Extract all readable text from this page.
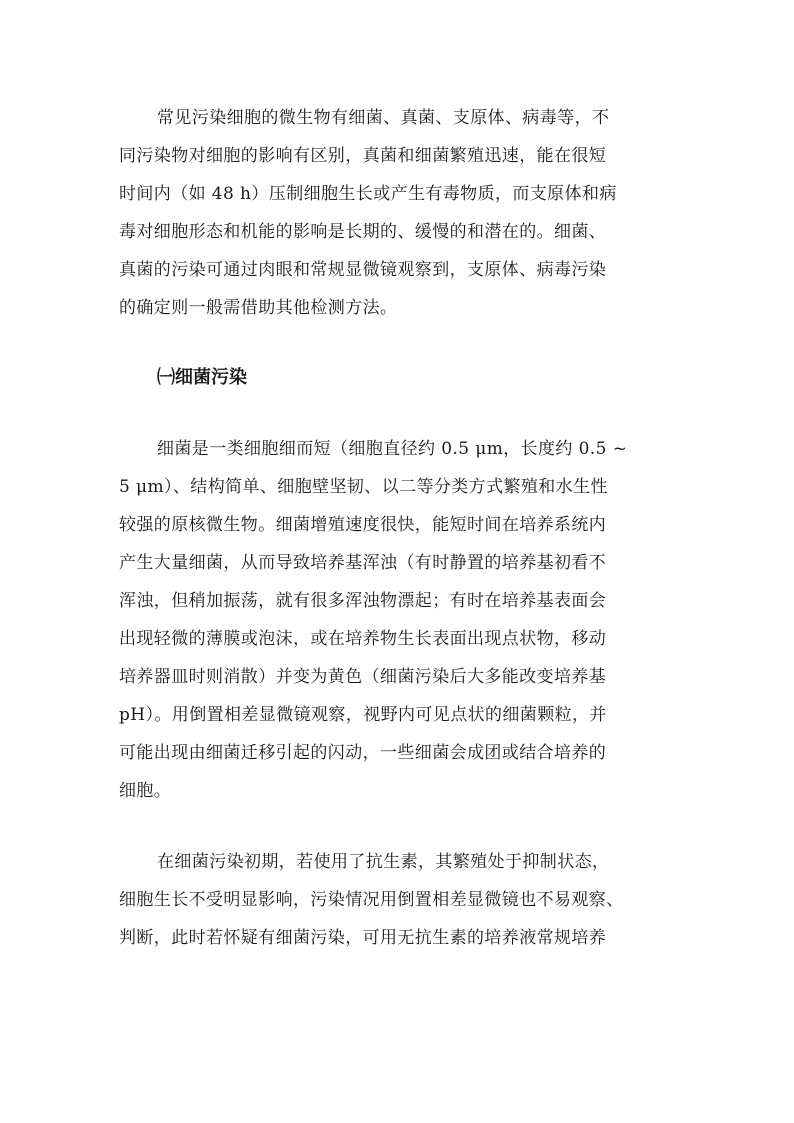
常见污染细胞的微生物有细菌、真菌、支原体、病毒等，不
同污染物对细胞的影响有区别，真菌和细菌繁殖迅速，能在很短
时间内（如 48 h）压制细胞生长或产生有毒物质，而支原体和病
毒对细胞形态和机能的影响是长期的、缓慢的和潜在的。细菌、
真菌的污染可通过肉眼和常规显微镜观察到，支原体、病毒污染
的确定则一般需借助其他检测方法。
㈠细菌污染
细菌是一类细胞细而短（细胞直径约 0.5 μm，长度约 0.5 ~
5 μm）、结构简单、细胞壁坚韧、以二等分类方式繁殖和水生性
较强的原核微生物。细菌增殖速度很快，能短时间在培养系统内
产生大量细菌，从而导致培养基浑浊（有时静置的培养基初看不
浑浊，但稍加振荡，就有很多浑浊物漂起；有时在培养基表面会
出现轻微的薄膜或泡沫，或在培养物生长表面出现点状物，移动
培养器皿时则消散）并变为黄色（细菌污染后大多能改变培养基
pH）。用倒置相差显微镜观察，视野内可见点状的细菌颗粒，并
可能出现由细菌迁移引起的闪动，一些细菌会成团或结合培养的
细胞。
在细菌污染初期，若使用了抗生素，其繁殖处于抑制状态，
细胞生长不受明显影响，污染情况用倒置相差显微镜也不易观察、
判断，此时若怀疑有细菌污染，可用无抗生素的培养液常规培养
